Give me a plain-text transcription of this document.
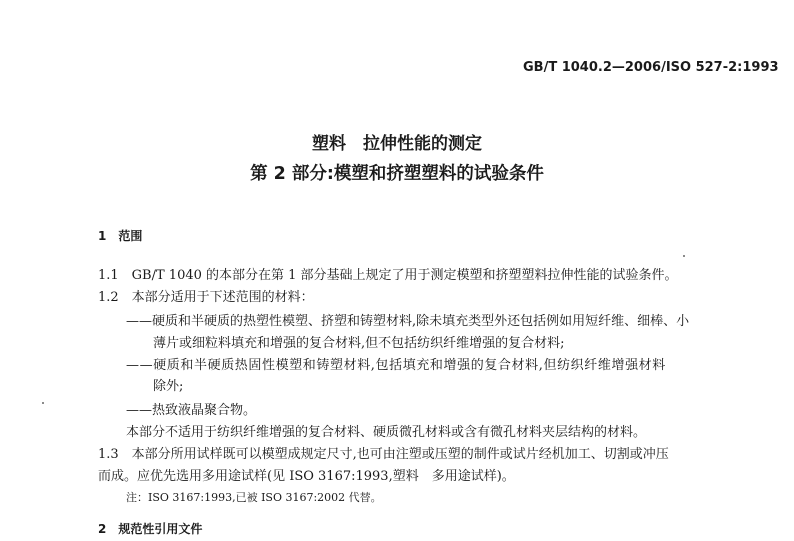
GB/T 1040.2—2006/ISO 527-2:1993
塑料　拉伸性能的测定
第 2 部分:模塑和挤塑塑料的试验条件
1　范围
1.1　GB/T 1040 的本部分在第 1 部分基础上规定了用于测定模塑和挤塑塑料拉伸性能的试验条件。
1.2　本部分适用于下述范围的材料：
——硬质和半硬质的热塑性模塑、挤塑和铸塑材料,除未填充类型外还包括例如用短纤维、细棒、小
薄片或细粒料填充和增强的复合材料,但不包括纺织纤维增强的复合材料;
——硬质和半硬质热固性模塑和铸塑材料,包括填充和增强的复合材料,但纺织纤维增强材料
除外;
——热致液晶聚合物。
本部分不适用于纺织纤维增强的复合材料、硬质微孔材料或含有微孔材料夹层结构的材料。
1.3　本部分所用试样既可以模塑成规定尺寸,也可由注塑或压塑的制件或试片经机加工、切割或冲压
而成。应优先选用多用途试样(见 ISO 3167:1993,塑料　多用途试样)。
注：ISO 3167:1993,已被 ISO 3167:2002 代替。
2　规范性引用文件
